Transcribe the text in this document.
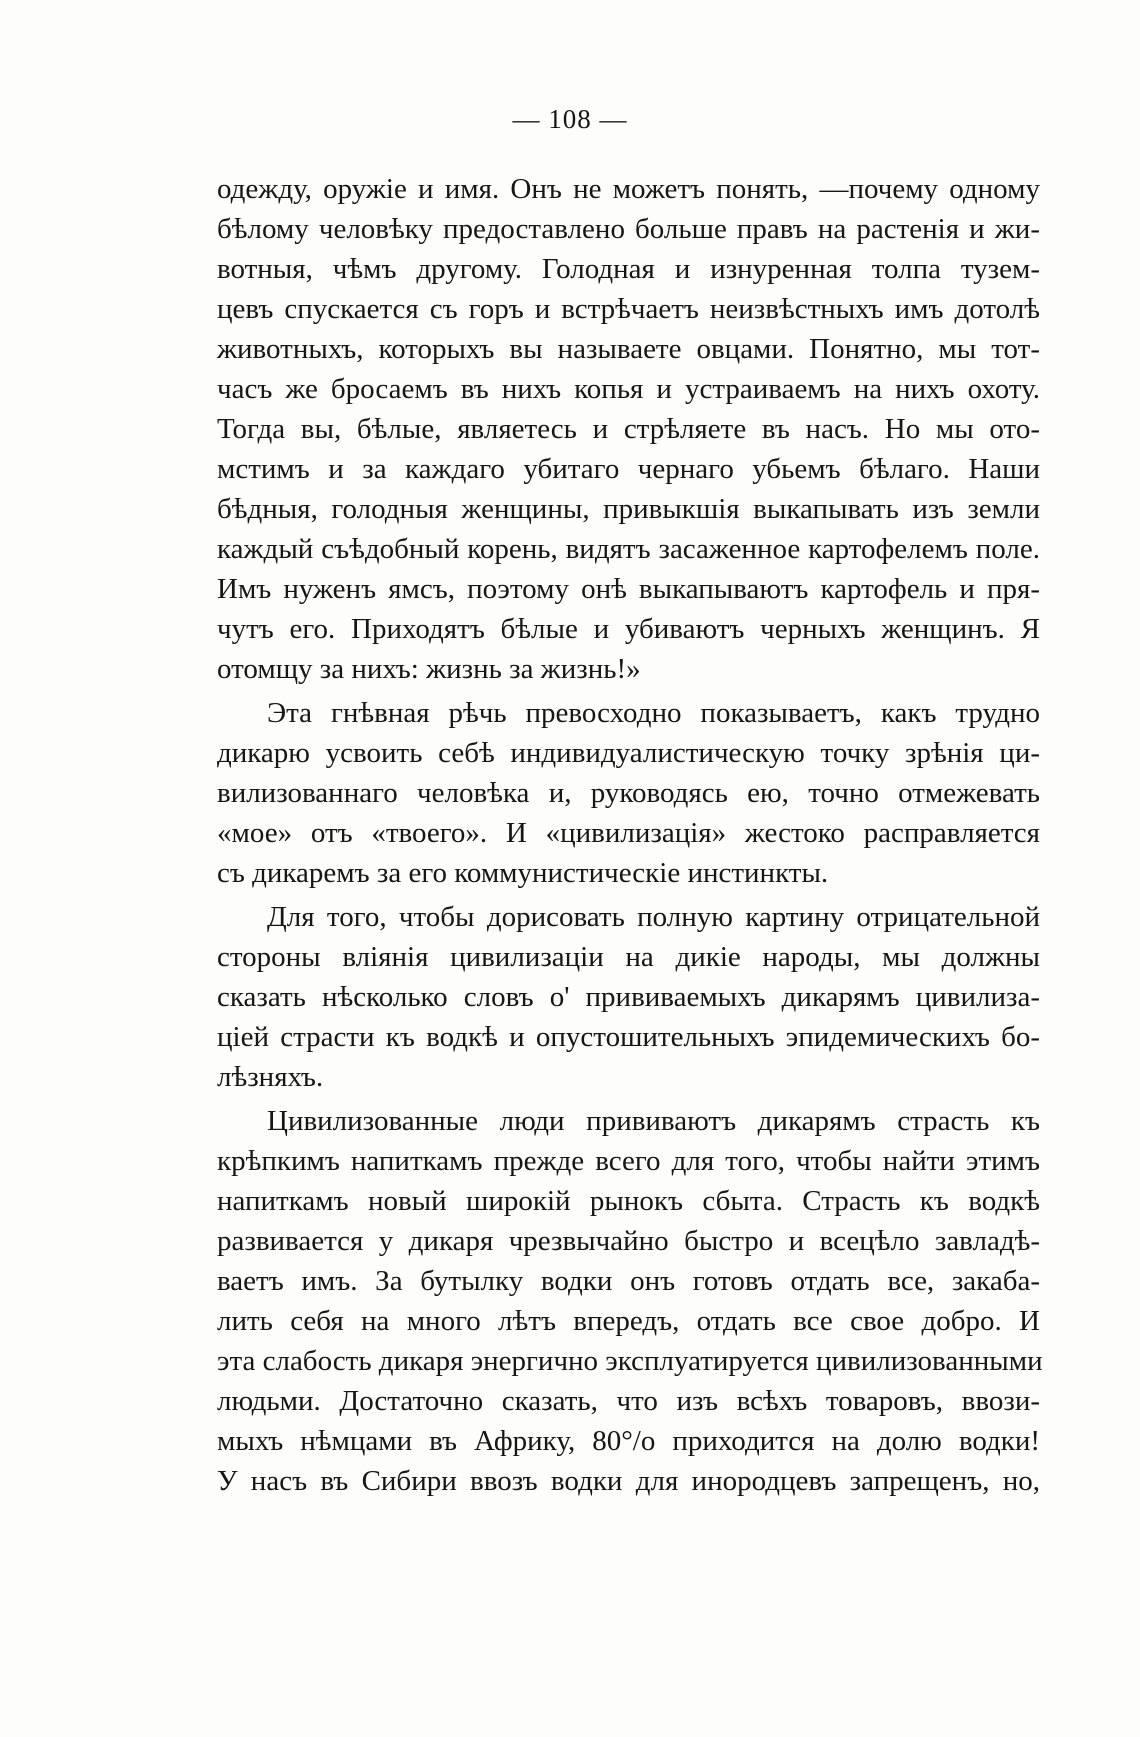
— 108 —
одежду, оружіе и имя. Онъ не можетъ понять, —почему одному
бѣлому человѣку предоставлено больше правъ на растенія и жи-
вотныя, чѣмъ другому. Голодная и изнуренная толпа тузем-
цевъ спускается съ горъ и встрѣчаетъ неизвѣстныхъ имъ дотолѣ
животныхъ, которыхъ вы называете овцами. Понятно, мы тот-
часъ же бросаемъ въ нихъ копья и устраиваемъ на нихъ охоту.
Тогда вы, бѣлые, являетесь и стрѣляете въ насъ. Но мы ото-
мстимъ и за каждаго убитаго чернаго убьемъ бѣлаго. Наши
бѣдныя, голодныя женщины, привыкшія выкапывать изъ земли
каждый съѣдобный корень, видятъ засаженное картофелемъ поле.
Имъ нуженъ ямсъ, поэтому онѣ выкапываютъ картофель и пря-
чутъ его. Приходятъ бѣлые и убиваютъ черныхъ женщинъ. Я
отомщу за нихъ: жизнь за жизнь!»
Эта гнѣвная рѣчь превосходно показываетъ, какъ трудно
дикарю усвоить себѣ индивидуалистическую точку зрѣнія ци-
вилизованнаго человѣка и, руководясь ею, точно отмежевать
«мое» отъ «твоего». И «цивилизація» жестоко расправляется
съ дикаремъ за его коммунистическіе инстинкты.
Для того, чтобы дорисовать полную картину отрицательной
стороны вліянія цивилизаціи на дикіе народы, мы должны
сказать нѣсколько словъ о' прививаемыхъ дикарямъ цивилиза-
ціей страсти къ водкѣ и опустошительныхъ эпидемическихъ бо-
лѣзняхъ.
Цивилизованные люди прививаютъ дикарямъ страсть къ
крѣпкимъ напиткамъ прежде всего для того, чтобы найти этимъ
напиткамъ новый широкій рынокъ сбыта. Страсть къ водкѣ
развивается у дикаря чрезвычайно быстро и всецѣло завладѣ-
ваетъ имъ. За бутылку водки онъ готовъ отдать все, закаба-
лить себя на много лѣтъ впередъ, отдать все свое добро. И
эта слабость дикаря энергично эксплуатируется цивилизованными
людьми. Достаточно сказать, что изъ всѣхъ товаровъ, ввози-
мыхъ нѣмцами въ Африку, 80°/о приходится на долю водки!
У насъ въ Сибири ввозъ водки для инородцевъ запрещенъ, но,
